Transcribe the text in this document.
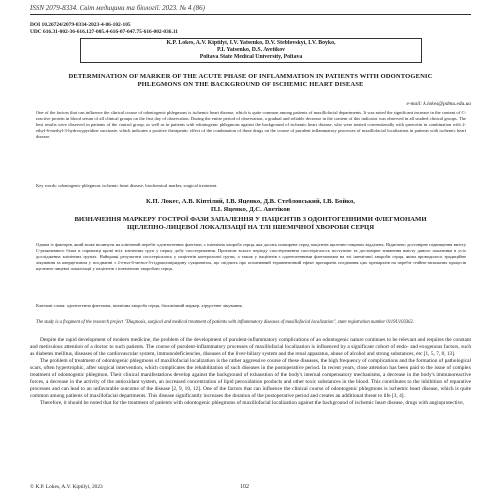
ISSN 2079-8334. Світ медицини та біології. 2023. № 4 (86)
DOI 10.26724/2079-8334-2023-4-86-102-105
UDC 616.31-002-36-616.127-005.4-616-07-047.75-616-002-036.11
K.P. Lokes, A.V. Kiptilyi, I.V. Yatsenko, D.V. Steblovskyi, I.V. Boyko,
P.I. Yatsenko, D.S. Avetikov
Poltava State Medical University, Poltava
DETERMINATION OF MARKER OF THE ACUTE PHASE OF INFLAMMATION IN PATIENTS WITH ODONTOGENIC PHLEGMONS ON THE BACKGROUND OF ISCHEMIC HEART DISEASE
e-mail: k.lokes@pdmu.edu.ua
One of the factors that can influence the clinical course of odontogenic phlegmons is ischemic heart disease, which is quite common among patients of maxillofacial departments. It was noted the significant increase in the content of C-reactive protein in blood serum of all clinical groups on the first day of observation. During the entire period of observation, a gradual and reliable decrease in the content of this indicator was observed in all studied clinical groups. The best results were observed in patients of the control group, as well as in patients with odontogenic phlegmons against the background of ischemic heart disease, who were treated conventionally with quercetin in combination with 2-ethyl-6-methyl-3-hydroxypyridine succinate, which indicates a positive therapeutic effect of the combination of these drugs on the course of purulent inflammatory processes of maxillofacial localization in patients with ischemic heart disease.
Key words: odontogenic phlegmon, ischemic heart disease, biochemical marker, surgical treatment.
К.П. Локес, А.В. Кіптілий, І.В. Яценко, Д.В. Стебловський, І.В. Бойко,
П.І. Яценко, Д.С. Аветіков
ВИЗНАЧЕННЯ МАРКЕРУ ГОСТРОЇ ФАЗИ ЗАПАЛЕННЯ У ПАЦІЄНТІВ З ОДОНТОГЕННИМИ ФЛЕГМОНАМИ ЩЕЛЕПНО-ЛИЦЕВОЇ ЛОКАЛІЗАЦІЇ НА ТЛІ ІШЕМІЧНОЇ ХВОРОБИ СЕРЦЯ
Одним із факторів, який може вплинути на клінічний перебіг одонтогенних флегмон, є ішемічна хвороба серця, яка досить поширена серед пацієнтів щелепно-лицевих відділень. Відмічено достовірне підвищення вмісту С-реактивного білка в сироватці крові всіх клінічних груп у першу добу спостереження. Протягом всього періоду спостереження спостерігалось поступове та достовірне зниження вмісту даного показника в усіх досліджених клінічних групах. Найкращі результати спостерігались у пацієнтів контрольної групи, а також у пацієнтів з одонтогенними флегмонами на тлі ішемічної хвороби серця, яким проводилось традиційне лікування за кверцетином у поєднанні з 2-етил-6-метил-3-гідроксипіридину сукцинатом, що свідчить про позитивний терапевтичний ефект препаратів поєднання цих препаратів на перебіг гнійно-запальних процесів щелепно-лицевої локалізації у пацієнтів з ішемічною хворобою серця.
Ключові слова: одонтогенна флегмона, ішемічна хвороба серця, біохімічний маркер, хірургічне лікування.
The study is a fragment of the research project "Diagnosis, surgical and medical treatment of patients with inflammatory diseases of maxillofacial localization", state registration number 0119U103362.

Despite the rapid development of modern medicine, the problem of the development of purulent-inflammatory complications of an odontogenic nature continues to be relevant and requires the constant and meticulous attention of a doctor to such patients. The course of purulent-inflammatory processes of maxillofacial localization is influenced by a significant cohort of endo- and exogenous factors, such as diabetes mellitus, diseases of the cardiovascular system, immunodeficiencies, diseases of the liver-biliary system and the renal apparatus, abuse of alcohol and strong substances, etc [1, 5, 7, 8, 13].

The problem of treatment of odontogenic phlegmons of maxillofacial localization is the rather aggressive course of these diseases, the high frequency of complications and the formation of pathological scars, often hypertrophic, after surgical intervention, which complicates the rehabilitation of such diseases in the postoperative period. In recent years, close attention has been paid to the issue of complex treatment of odontogenic phlegmon. Their clinical manifestations develop against the background of exhaustion of the body's internal compensatory mechanisms, a decrease in the body's immunoreactive forces, a decrease in the activity of the antioxidant system, an increased concentration of lipid peroxidation products and other toxic substances in the blood. This contributes to the inhibition of reparative processes and can lead to an unfavorable outcome of the disease [2, 9, 10, 12]. One of the factors that can influence the clinical course of odontogenic phlegmons is ischemic heart disease, which is quite common among patients of maxillofacial departments. This disease significantly increases the duration of the postoperative period and creates an additional threat to life [3, 4].

Therefore, it should be noted that for the treatment of patients with odontogenic phlegmons of maxillofacial localization against the background of ischemic heart disease, drugs with angioprotective,

© K.P. Lokes, A.V. Kiptilyi, 2023	102
